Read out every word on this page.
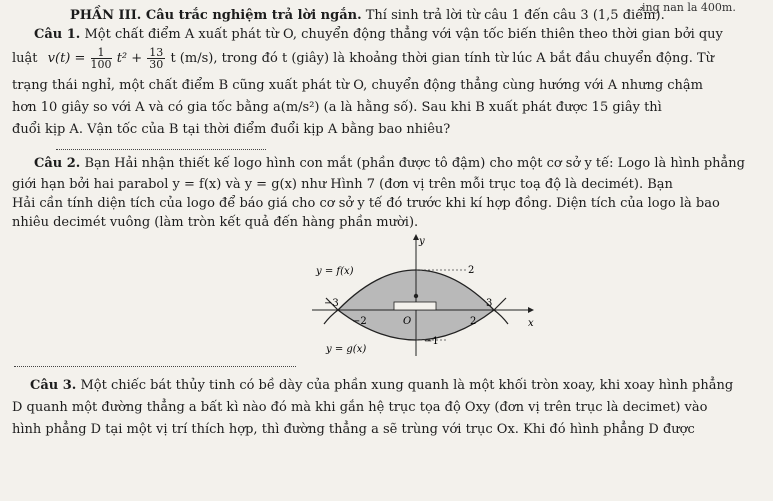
ing nan la 400m.
PHẦN III. Câu trắc nghiệm trả lời ngắn. Thí sinh trả lời từ câu 1 đến câu 3 (1,5 điểm).
Câu 1. Một chất điểm A xuất phát từ O, chuyển động thẳng với vận tốc biến thiên theo thời gian bởi quy
luật $v(t) = \frac{1}{100} t^2 + \frac{13}{30}$ t (m/s), trong đó t (giây) là khoảng thời gian tính từ lúc A bắt đầu chuyển động. Từ
trạng thái nghỉ, một chất điểm B cũng xuất phát từ O, chuyển động thẳng cùng hướng với A nhưng chậm
hơn 10 giây so với A và có gia tốc bằng a(m/s²) (a là hằng số). Sau khi B xuất phát được 15 giây thì
đuổi kịp A. Vận tốc của B tại thời điểm đuổi kịp A bằng bao nhiêu?
Câu 2. Bạn Hải nhận thiết kế logo hình con mắt (phần được tô đậm) cho một cơ sở y tế: Logo là hình phẳng
giới hạn bởi hai parabol y = f(x) và y = g(x) như Hình 7 (đơn vị trên mỗi trục toạ độ là decimét). Bạn
Hải cần tính diện tích của logo để báo giá cho cơ sở y tế đó trước khi kí hợp đồng. Diện tích của logo là bao
nhiêu decimét vuông (làm tròn kết quả đến hàng phần mười).
y
x
y = f(x)
y = g(x)
2
−1
−3
−2	O	2
3
Câu 3. Một chiếc bát thủy tinh có bề dày của phần xung quanh là một khối tròn xoay, khi xoay hình phẳng
D quanh một đường thẳng a bất kì nào đó mà khi gắn hệ trục tọa độ Oxy (đơn vị trên trục là decimet) vào
hình phẳng D tại một vị trí thích hợp, thì đường thẳng a sẽ trùng với trục Ox. Khi đó hình phẳng D được
